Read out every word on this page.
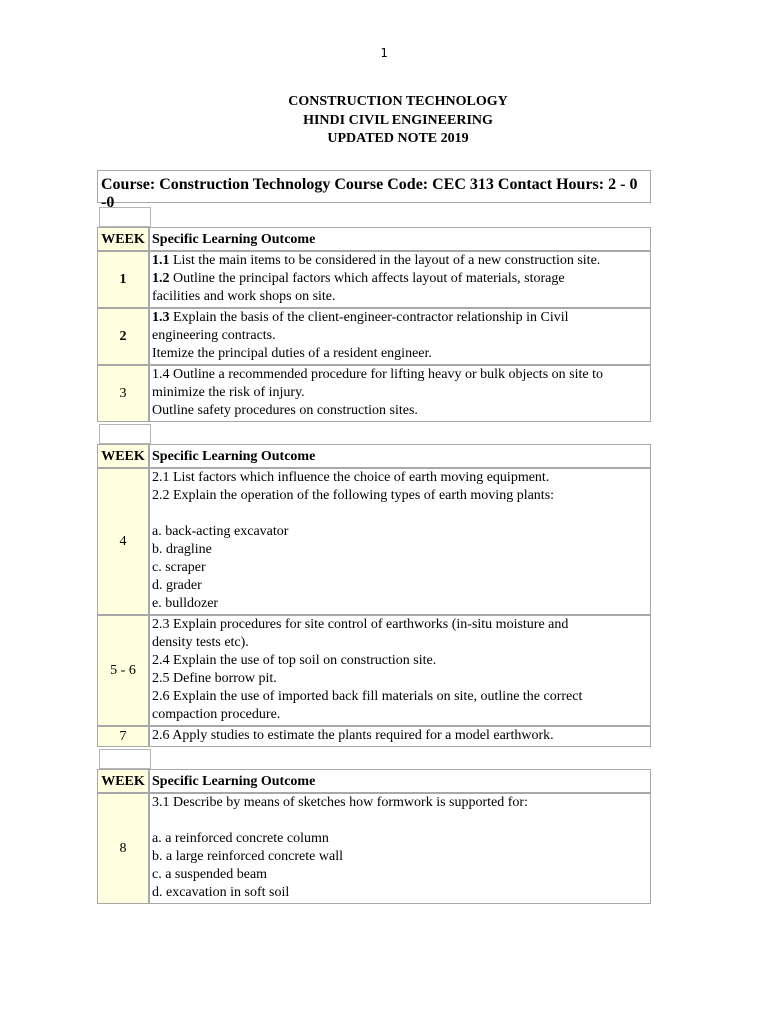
1
CONSTRUCTION TECHNOLOGY
HINDI CIVIL ENGINEERING
UPDATED NOTE 2019
Course: Construction Technology Course Code: CEC 313 Contact Hours: 2 - 0 -0
WEEK Specific Learning Outcome
1
1.1 List the main items to be considered in the layout of a new construction site.
1.2 Outline the principal factors which affects layout of materials, storage
facilities and work shops on site.
2
1.3 Explain the basis of the client-engineer-contractor relationship in Civil
engineering contracts.
Itemize the principal duties of a resident engineer.
3
1.4 Outline a recommended procedure for lifting heavy or bulk objects on site to
minimize the risk of injury.
Outline safety procedures on construction sites.
WEEK Specific Learning Outcome
4
2.1 List factors which influence the choice of earth moving equipment.
2.2 Explain the operation of the following types of earth moving plants:
a. back-acting excavator
b. dragline
c. scraper
d. grader
e. bulldozer
5 - 6
2.3 Explain procedures for site control of earthworks (in-situ moisture and
density tests etc).
2.4 Explain the use of top soil on construction site.
2.5 Define borrow pit.
2.6 Explain the use of imported back fill materials on site, outline the correct
compaction procedure.
7	2.6 Apply studies to estimate the plants required for a model earthwork.
WEEK Specific Learning Outcome
8
3.1 Describe by means of sketches how formwork is supported for:
a. a reinforced concrete column
b. a large reinforced concrete wall
c. a suspended beam
d. excavation in soft soil
